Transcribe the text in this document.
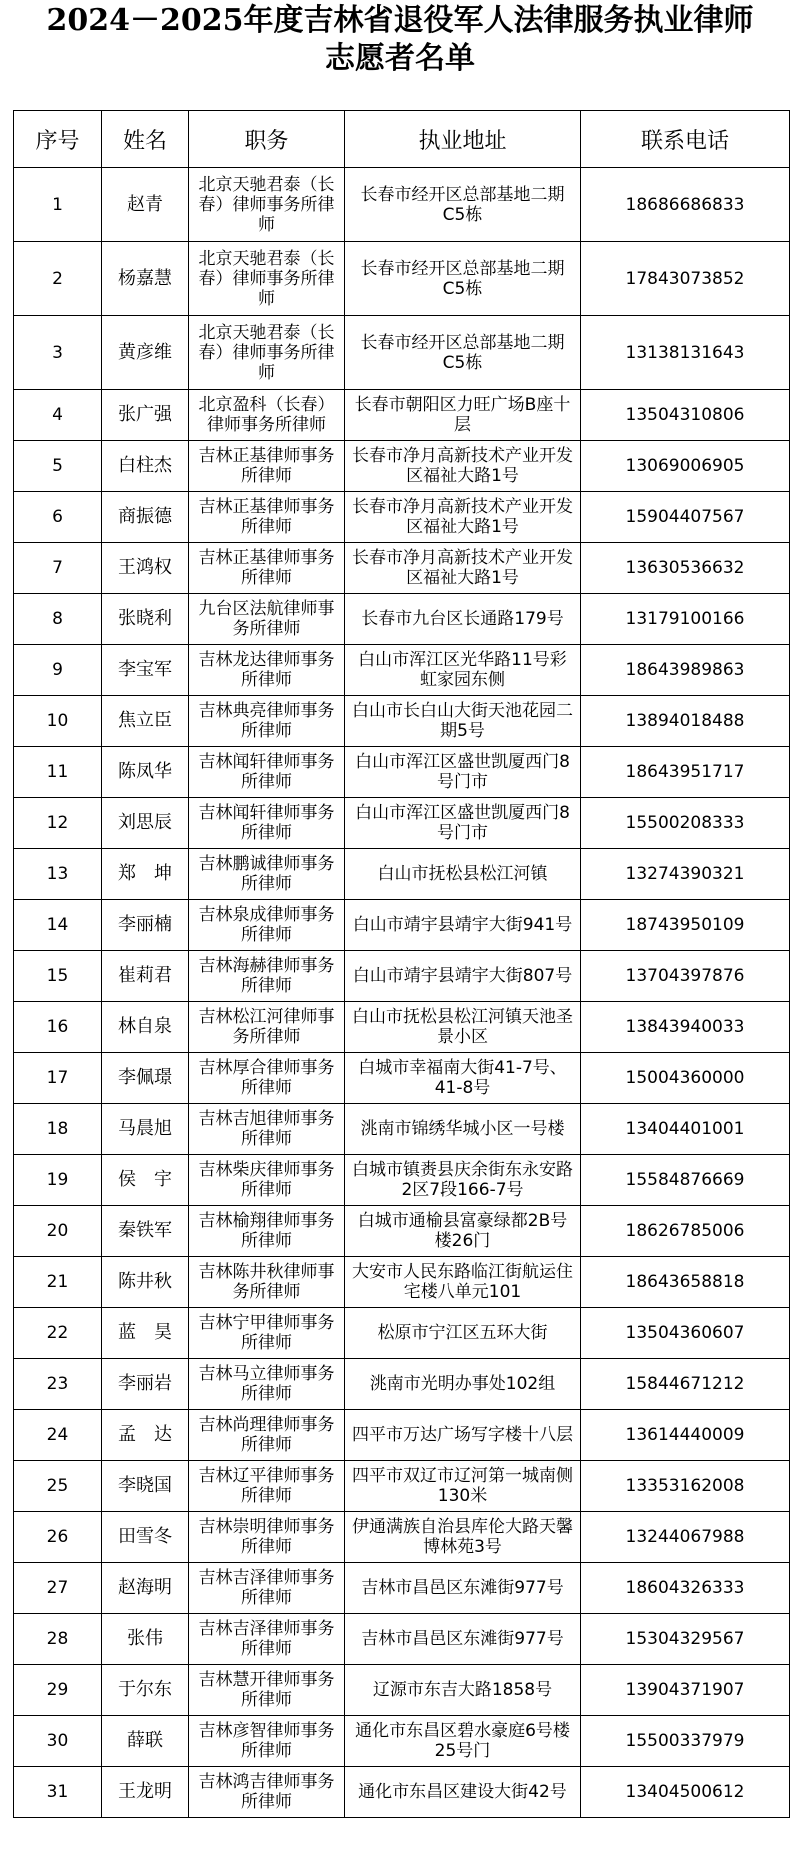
2024－2025年度吉林省退役军人法律服务执业律师
志愿者名单
序号	姓名	职务	执业地址	联系电话
1	赵青	北京天驰君泰（长春）律师事务所律师	长春市经开区总部基地二期C5栋	18686686833
2	杨嘉慧	北京天驰君泰（长春）律师事务所律师	长春市经开区总部基地二期C5栋	17843073852
3	黄彦维	北京天驰君泰（长春）律师事务所律师	长春市经开区总部基地二期C5栋	13138131643
4	张广强	北京盈科（长春）律师事务所律师	长春市朝阳区力旺广场B座十层	13504310806
5	白柱杰	吉林正基律师事务所律师	长春市净月高新技术产业开发区福祉大路1号	13069006905
6	商振德	吉林正基律师事务所律师	长春市净月高新技术产业开发区福祉大路1号	15904407567
7	王鸿权	吉林正基律师事务所律师	长春市净月高新技术产业开发区福祉大路1号	13630536632
8	张晓利	九台区法航律师事务所律师	长春市九台区长通路179号	13179100166
9	李宝军	吉林龙达律师事务所律师	白山市浑江区光华路11号彩虹家园东侧	18643989863
10	焦立臣	吉林典亮律师事务所律师	白山市长白山大街天池花园二期5号	13894018488
11	陈凤华	吉林闻轩律师事务所律师	白山市浑江区盛世凯厦西门8号门市	18643951717
12	刘思辰	吉林闻轩律师事务所律师	白山市浑江区盛世凯厦西门8号门市	15500208333
13	郑　坤	吉林鹏诚律师事务所律师	白山市抚松县松江河镇	13274390321
14	李丽楠	吉林泉成律师事务所律师	白山市靖宇县靖宇大街941号	18743950109
15	崔莉君	吉林海赫律师事务所律师	白山市靖宇县靖宇大街807号	13704397876
16	林自泉	吉林松江河律师事务所律师	白山市抚松县松江河镇天池圣景小区	13843940033
17	李佩璟	吉林厚合律师事务所律师	白城市幸福南大街41-7号、41-8号	15004360000
18	马晨旭	吉林吉旭律师事务所律师	洮南市锦绣华城小区一号楼	13404401001
19	侯　宇	吉林柴庆律师事务所律师	白城市镇赉县庆余街东永安路2区7段166-7号	15584876669
20	秦铁军	吉林榆翔律师事务所律师	白城市通榆县富豪绿都2B号楼26门	18626785006
21	陈井秋	吉林陈井秋律师事务所律师	大安市人民东路临江街航运住宅楼八单元101	18643658818
22	蓝　昊	吉林宁甲律师事务所律师	松原市宁江区五环大街	13504360607
23	李丽岩	吉林马立律师事务所律师	洮南市光明办事处102组	15844671212
24	孟　达	吉林尚理律师事务所律师	四平市万达广场写字楼十八层	13614440009
25	李晓国	吉林辽平律师事务所律师	四平市双辽市辽河第一城南侧130米	13353162008
26	田雪冬	吉林崇明律师事务所律师	伊通满族自治县库伦大路天馨博林苑3号	13244067988
27	赵海明	吉林吉泽律师事务所律师	吉林市昌邑区东滩街977号	18604326333
28	张伟	吉林吉泽律师事务所律师	吉林市昌邑区东滩街977号	15304329567
29	于尔东	吉林慧开律师事务所律师	辽源市东吉大路1858号	13904371907
30	薛联	吉林彦智律师事务所律师	通化市东昌区碧水豪庭6号楼25号门	15500337979
31	王龙明	吉林鸿吉律师事务所律师	通化市东昌区建设大街42号	13404500612
